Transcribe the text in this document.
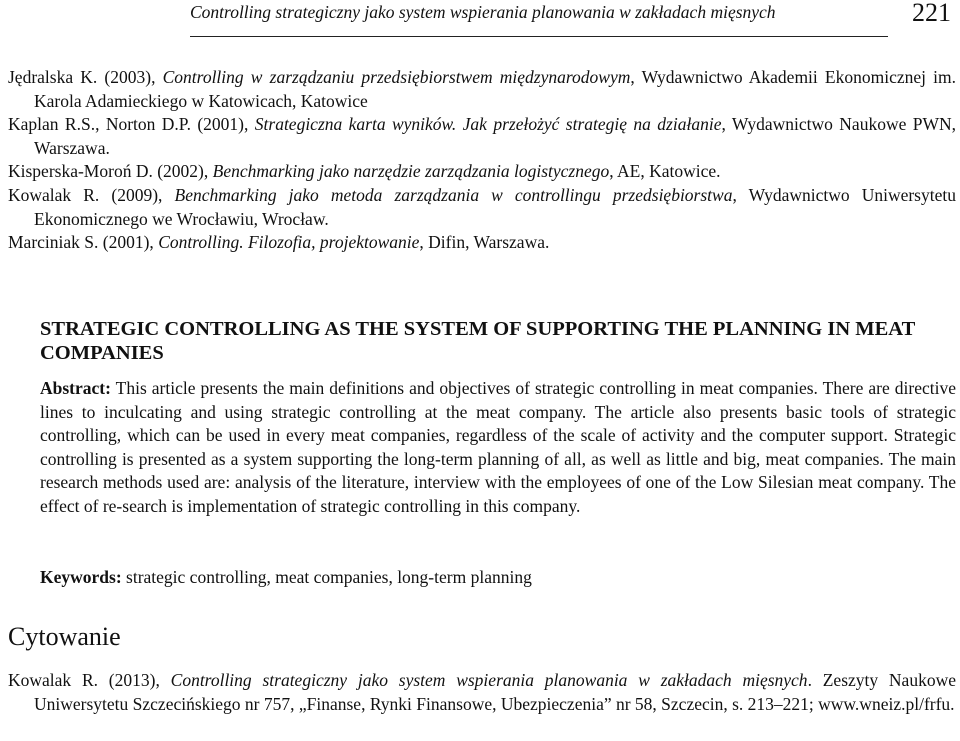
Controlling strategiczny jako system wspierania planowania w zakładach mięsnych	221
Jędralska K. (2003), Controlling w zarządzaniu przedsiębiorstwem międzynarodowym, Wydawnictwo Akademii Ekonomicznej im. Karola Adamieckiego w Katowicach, Katowice
Kaplan R.S., Norton D.P. (2001), Strategiczna karta wyników. Jak przełożyć strategię na działanie, Wydawnictwo Naukowe PWN, Warszawa.
Kisperska-Moroń D. (2002), Benchmarking jako narzędzie zarządzania logistycznego, AE, Katowice.
Kowalak R. (2009), Benchmarking jako metoda zarządzania w controllingu przedsiębiorstwa, Wydawnictwo Uniwersytetu Ekonomicznego we Wrocławiu, Wrocław.
Marciniak S. (2001), Controlling. Filozofia, projektowanie, Difin, Warszawa.
STRATEGIC CONTROLLING AS THE SYSTEM OF SUPPORTING THE PLANNING IN MEAT COMPANIES
Abstract: This article presents the main definitions and objectives of strategic controlling in meat companies. There are directive lines to inculcating and using strategic controlling at the meat company. The article also presents basic tools of strategic controlling, which can be used in every meat companies, regardless of the scale of activity and the computer support. Strategic controlling is presented as a system supporting the long-term planning of all, as well as little and big, meat companies. The main research methods used are: analysis of the literature, interview with the employees of one of the Low Silesian meat company. The effect of re-search is implementation of strategic controlling in this company.
Keywords: strategic controlling, meat companies, long-term planning
Cytowanie
Kowalak R. (2013), Controlling strategiczny jako system wspierania planowania w zakładach mięsnych. Zeszyty Naukowe Uniwersytetu Szczecińskiego nr 757, „Finanse, Rynki Finansowe, Ubezpieczenia” nr 58, Szczecin, s. 213–221; www.wneiz.pl/frfu.
